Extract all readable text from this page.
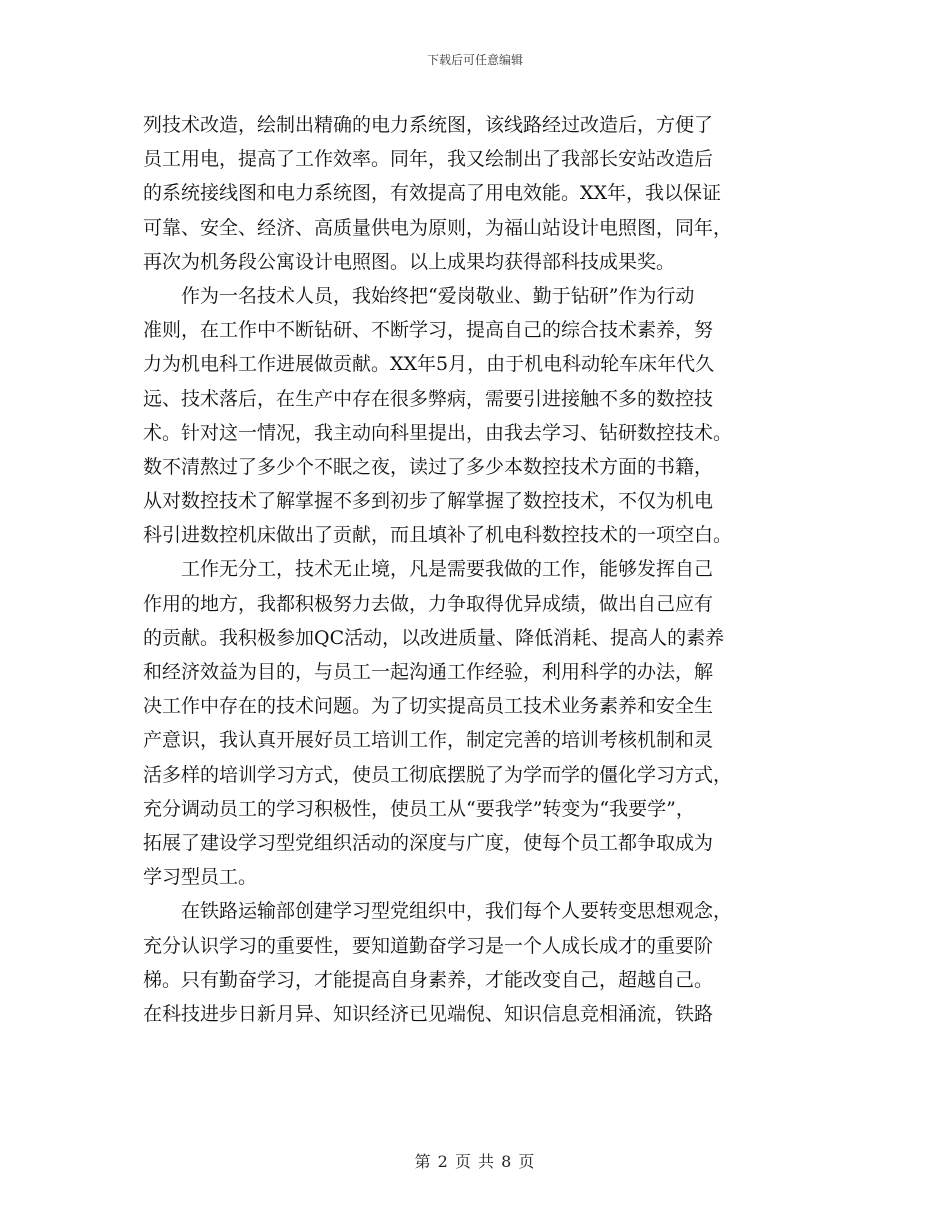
下载后可任意编辑
列技术改造，绘制出精确的电力系统图，该线路经过改造后，方便了
员工用电，提高了工作效率。同年，我又绘制出了我部长安站改造后
的系统接线图和电力系统图，有效提高了用电效能。XX年，我以保证
可靠、安全、经济、高质量供电为原则，为福山站设计电照图，同年，
再次为机务段公寓设计电照图。以上成果均获得部科技成果奖。
作为一名技术人员，我始终把“爱岗敬业、勤于钻研”作为行动
准则，在工作中不断钻研、不断学习，提高自己的综合技术素养，努
力为机电科工作进展做贡献。XX年5月，由于机电科动轮车床年代久
远、技术落后，在生产中存在很多弊病，需要引进接触不多的数控技
术。针对这一情况，我主动向科里提出，由我去学习、钻研数控技术。
数不清熬过了多少个不眠之夜，读过了多少本数控技术方面的书籍，
从对数控技术了解掌握不多到初步了解掌握了数控技术，不仅为机电
科引进数控机床做出了贡献，而且填补了机电科数控技术的一项空白。
工作无分工，技术无止境，凡是需要我做的工作，能够发挥自己
作用的地方，我都积极努力去做，力争取得优异成绩，做出自己应有
的贡献。我积极参加QC活动，以改进质量、降低消耗、提高人的素养
和经济效益为目的，与员工一起沟通工作经验，利用科学的办法，解
决工作中存在的技术问题。为了切实提高员工技术业务素养和安全生
产意识，我认真开展好员工培训工作，制定完善的培训考核机制和灵
活多样的培训学习方式，使员工彻底摆脱了为学而学的僵化学习方式，
充分调动员工的学习积极性，使员工从“要我学”转变为“我要学”，
拓展了建设学习型党组织活动的深度与广度，使每个员工都争取成为
学习型员工。
在铁路运输部创建学习型党组织中，我们每个人要转变思想观念，
充分认识学习的重要性，要知道勤奋学习是一个人成长成才的重要阶
梯。只有勤奋学习，才能提高自身素养，才能改变自己，超越自己。
在科技进步日新月异、知识经济已见端倪、知识信息竞相涌流，铁路
第 2 页 共 8 页
